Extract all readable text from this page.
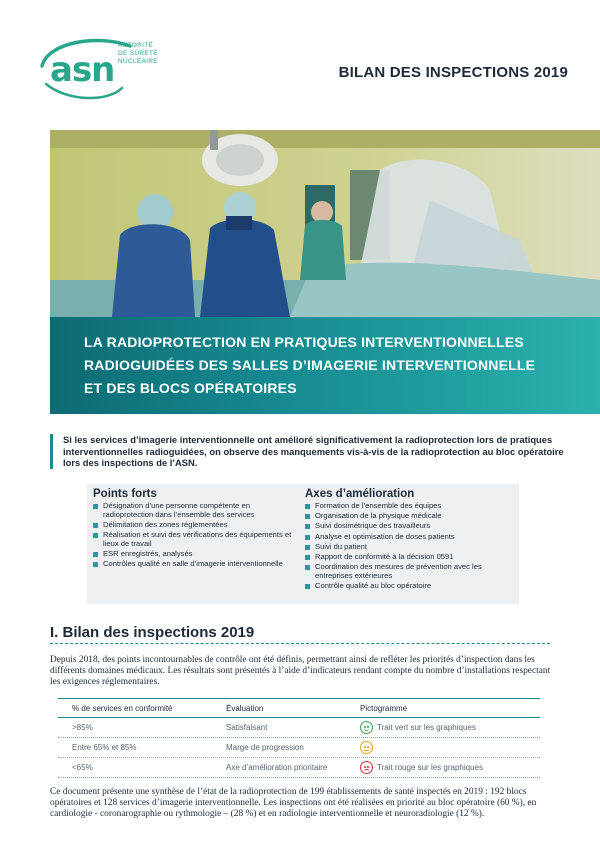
asn
AUTORITÉ
DE SÛRETÉ
NUCLÉAIRE
BILAN DES INSPECTIONS 2019
LA RADIOPROTECTION EN PRATIQUES INTERVENTIONNELLES
RADIOGUIDÉES DES SALLES D’IMAGERIE INTERVENTIONNELLE
ET DES BLOCS OPÉRATOIRES
Si les services d’imagerie interventionnelle ont amélioré significativement la radioprotection lors de pratiques interventionnelles radioguidées, on observe des manquements vis-à-vis de la radioprotection au bloc opératoire lors des inspections de l’ASN.
Points forts
Désignation d’une personne compétente en radioprotection dans l’ensemble des services
Délimitation des zones réglementées
Réalisation et suivi des vérifications des équipements et lieux de travail
ESR enregistrés, analysés
Contrôles qualité en salle d’imagerie interventionnelle
Axes d’amélioration
Formation de l’ensemble des équipes
Organisation de la physique médicale
Suivi dosimétrique des travailleurs
Analyse et optimisation de doses patients
Suivi du patient
Rapport de conformité à la décision 0591
Coordination des mesures de prévention avec les entreprises extérieures
Contrôle qualité au bloc opératoire
I. Bilan des inspections 2019
Depuis 2018, des points incontournables de contrôle ont été définis, permettant ainsi de refléter les priorités d’inspection dans les différents domaines médicaux. Les résultats sont présentés à l’aide d’indicateurs rendant compte du nombre d’installations respectant les exigences réglementaires.
% de services en conformité	Évaluation	Pictogramme
>85%	Satisfaisant	Trait vert sur les graphiques
Entre 65% et 85%	Marge de progression
<65%	Axe d’amélioration prioritaire	Trait rouge sur les graphiques
Ce document présente une synthèse de l’état de la radioprotection de 199 établissements de santé inspectés en 2019 : 192 blocs opératoires et 128 services d’imagerie interventionnelle. Les inspections ont été réalisées en priorité au bloc opératoire (60 %), en cardiologie - coronarographie ou rythmologie – (28 %) et en radiologie interventionnelle et neuroradiologie (12 %).
